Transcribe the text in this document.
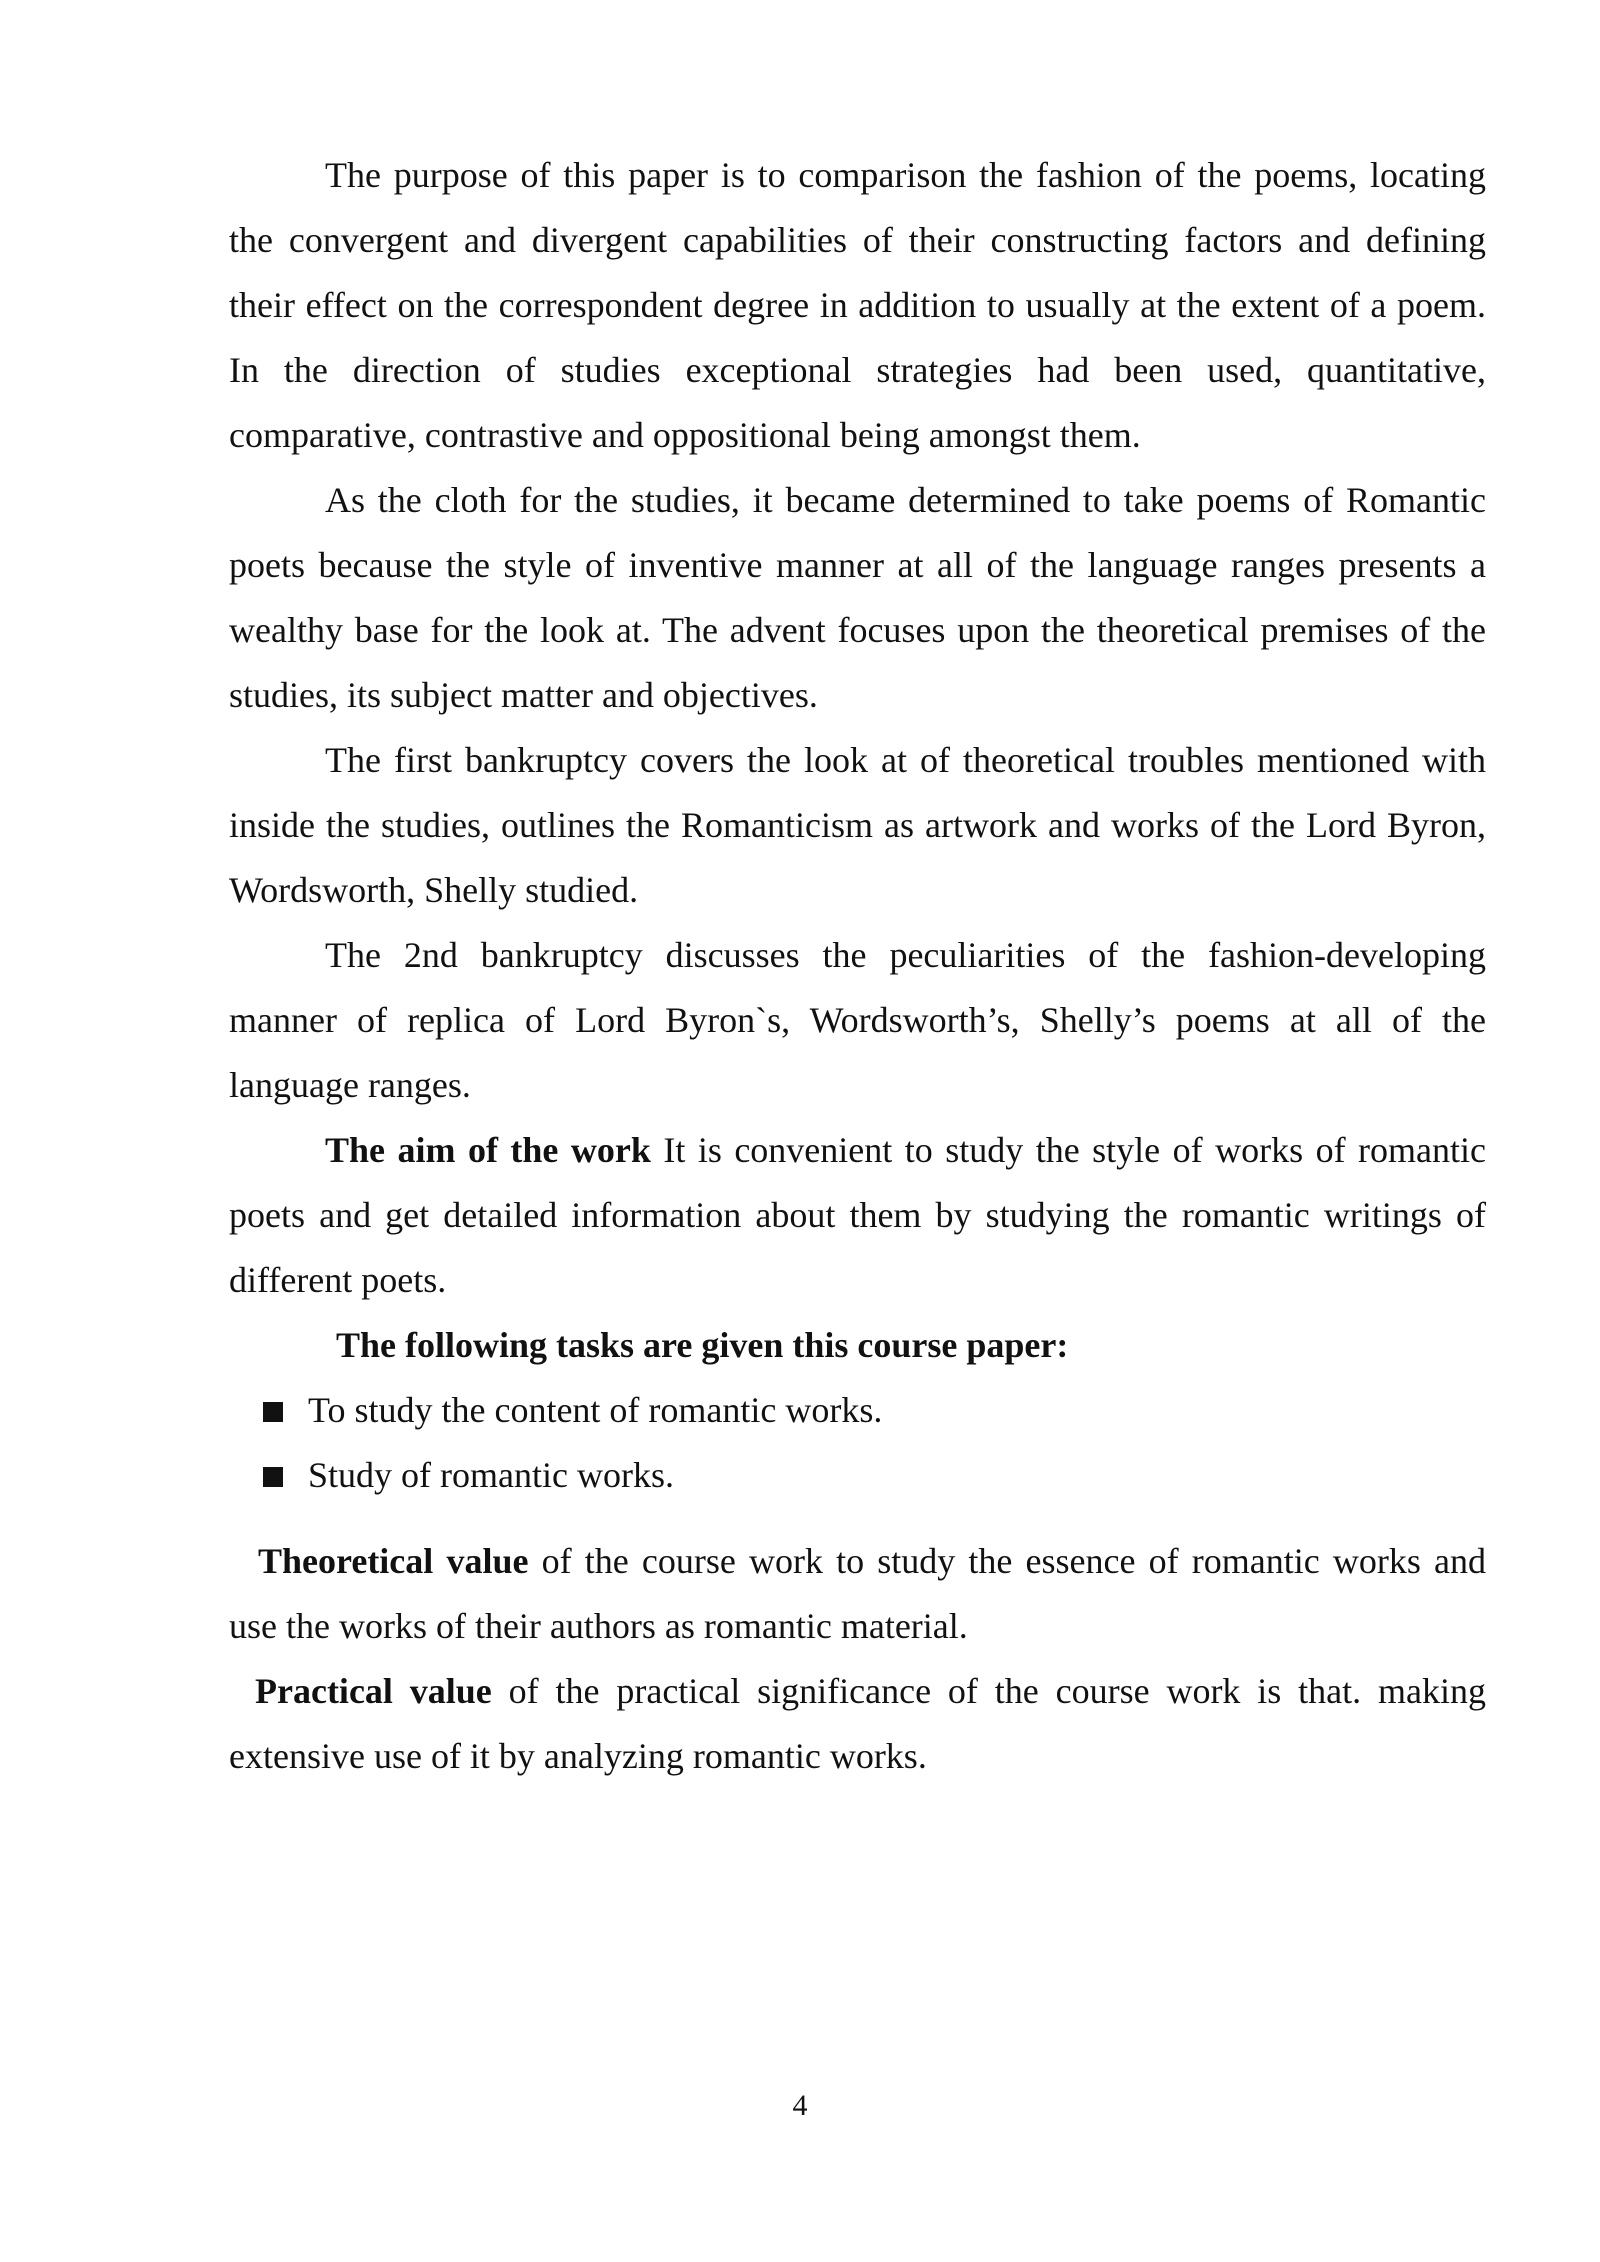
The purpose of this paper is to comparison the fashion of the poems, locating the convergent and divergent capabilities of their constructing factors and defining their effect on the correspondent degree in addition to usually at the extent of a poem. In the direction of studies exceptional strategies had been used, quantitative, comparative, contrastive and oppositional being amongst them.

As the cloth for the studies, it became determined to take poems of Romantic poets because the style of inventive manner at all of the language ranges presents a wealthy base for the look at. The advent focuses upon the theoretical premises of the studies, its subject matter and objectives.

The first bankruptcy covers the look at of theoretical troubles mentioned with inside the studies, outlines the Romanticism as artwork and works of the Lord Byron, Wordsworth, Shelly studied.

The 2nd bankruptcy discusses the peculiarities of the fashion-developing manner of replica of Lord Byron`s, Wordsworth’s, Shelly’s poems at all of the language ranges.

The aim of the work It is convenient to study the style of works of romantic poets and get detailed information about them by studying the romantic writings of different poets.

The following tasks are given this course paper:

To study the content of romantic works.
Study of romantic works.

Theoretical value of the course work to study the essence of romantic works and use the works of their authors as romantic material.

Practical value of the practical significance of the course work is that. making extensive use of it by analyzing romantic works.

4
